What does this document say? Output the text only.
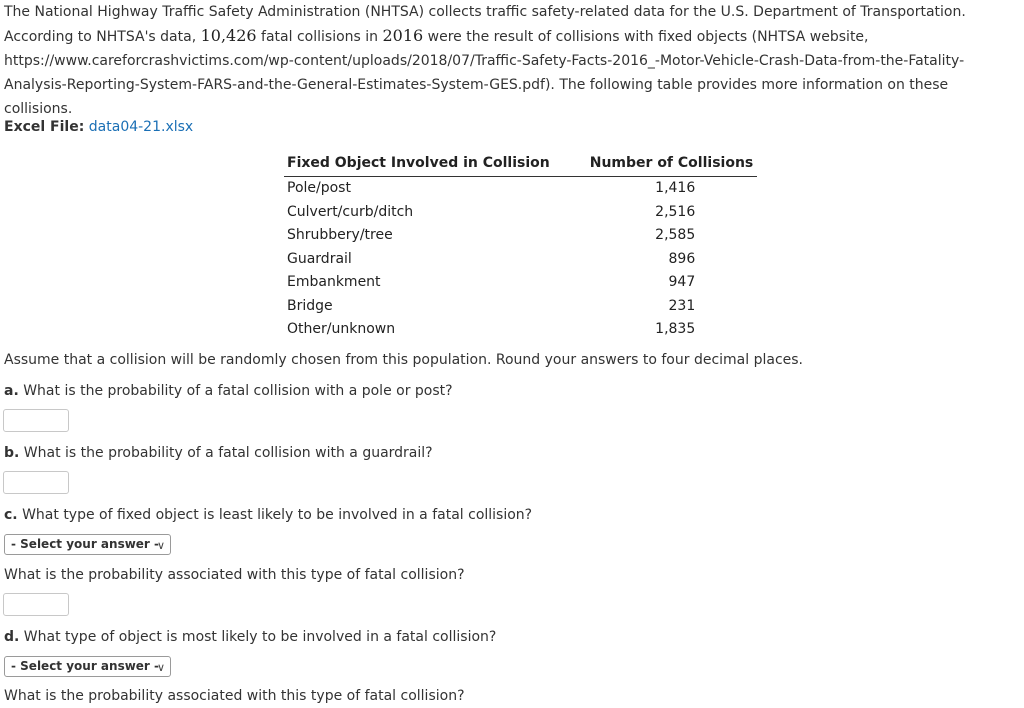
The National Highway Traffic Safety Administration (NHTSA) collects traffic safety-related data for the U.S. Department of Transportation. According to NHTSA's data, 10,426 fatal collisions in 2016 were the result of collisions with fixed objects (NHTSA website, https://www.careforcrashvictims.com/wp-content/uploads/2018/07/Traffic-Safety-Facts-2016_-Motor-Vehicle-Crash-Data-from-the-Fatality-Analysis-Reporting-System-FARS-and-the-General-Estimates-System-GES.pdf). The following table provides more information on these collisions.

Excel File: data04-21.xlsx
Fixed Object Involved in Collision	Number of Collisions
Pole/post	1,416
Culvert/curb/ditch	2,516
Shrubbery/tree	2,585
Guardrail	896
Embankment	947
Bridge	231
Other/unknown	1,835
Assume that a collision will be randomly chosen from this population. Round your answers to four decimal places.
a. What is the probability of a fatal collision with a pole or post?
b. What is the probability of a fatal collision with a guardrail?
c. What type of fixed object is least likely to be involved in a fatal collision?
- Select your answer -
∨
What is the probability associated with this type of fatal collision?
d. What type of object is most likely to be involved in a fatal collision?
- Select your answer -
∨
What is the probability associated with this type of fatal collision?
